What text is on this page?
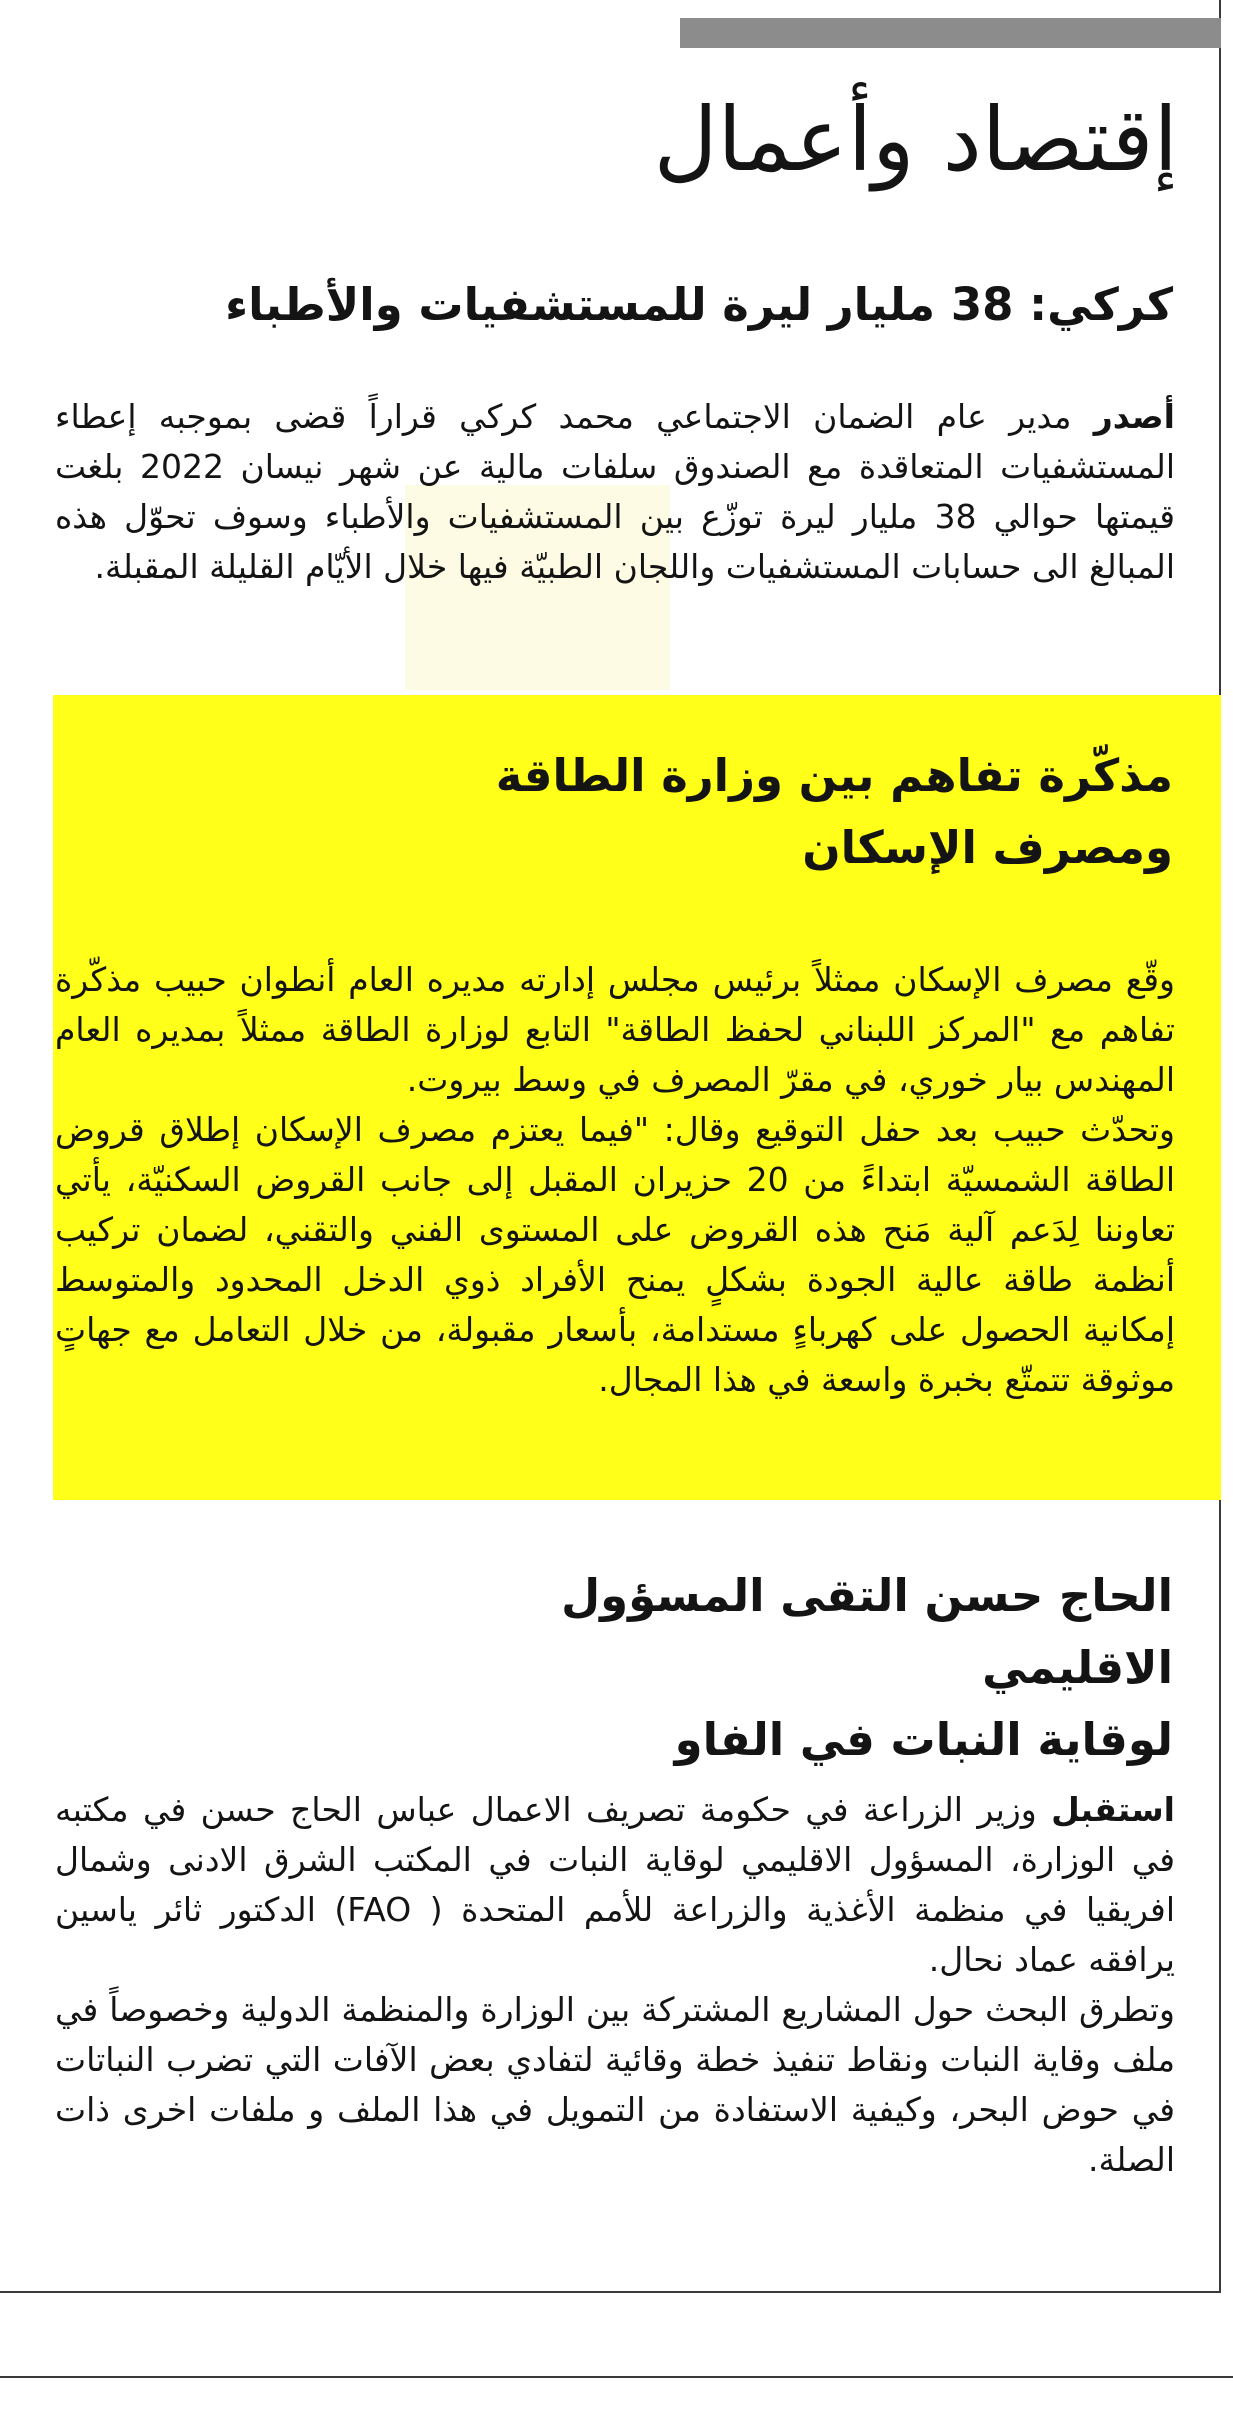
إقتصاد وأعمال
كركي: 38 مليار ليرة للمستشفيات والأطباء

أصدر مدير عام الضمان الاجتماعي محمد كركي قراراً قضى بموجبه إعطاء المستشفيات المتعاقدة مع الصندوق سلفات مالية عن شهر نيسان 2022 بلغت قيمتها حوالي 38 مليار ليرة توزّع بين المستشفيات والأطباء وسوف تحوّل هذه المبالغ الى حسابات المستشفيات واللجان الطبيّة فيها خلال الأيّام القليلة المقبلة.

مذكّرة تفاهم بين وزارة الطاقة
ومصرف الإسكان

وقّع مصرف الإسكان ممثلاً برئيس مجلس إدارته مديره العام أنطوان حبيب مذكّرة تفاهم مع "المركز اللبناني لحفظ الطاقة" التابع لوزارة الطاقة ممثلاً بمديره العام المهندس بيار خوري، في مقرّ المصرف في وسط بيروت.

وتحدّث حبيب بعد حفل التوقيع وقال: "فيما يعتزم مصرف الإسكان إطلاق قروض الطاقة الشمسيّة ابتداءً من 20 حزيران المقبل إلى جانب القروض السكنيّة، يأتي تعاوننا لِدَعم آلية مَنح هذه القروض على المستوى الفني والتقني، لضمان تركيب أنظمة طاقة عالية الجودة بشكلٍ يمنح الأفراد ذوي الدخل المحدود والمتوسط إمكانية الحصول على كهرباءٍ مستدامة، بأسعار مقبولة، من خلال التعامل مع جهاتٍ موثوقة تتمتّع بخبرة واسعة في هذا المجال.

الحاج حسن التقى المسؤول الاقليمي
لوقاية النبات في الفاو

استقبل وزير الزراعة في حكومة تصريف الاعمال عباس الحاج حسن في مكتبه في الوزارة، المسؤول الاقليمي لوقاية النبات في المكتب الشرق الادنى وشمال افريقيا في منظمة الأغذية والزراعة للأمم المتحدة ( FAO) الدكتور ثائر ياسين يرافقه عماد نحال.

وتطرق البحث حول المشاريع المشتركة بين الوزارة والمنظمة الدولية وخصوصاً في ملف وقاية النبات ونقاط تنفيذ خطة وقائية لتفادي بعض الآفات التي تضرب النباتات في حوض البحر، وكيفية الاستفادة من التمويل في هذا الملف و ملفات اخرى ذات الصلة.
